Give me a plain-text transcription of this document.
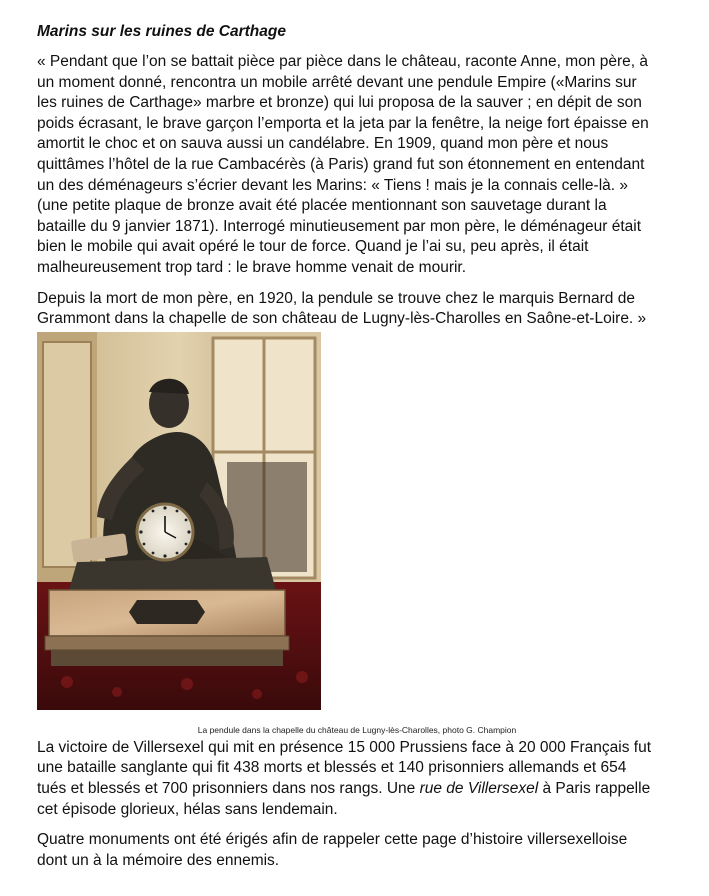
Marins sur les ruines de Carthage

« Pendant que l’on se battait pièce par pièce dans le château, raconte Anne, mon père, à
un moment donné, rencontra un mobile arrêté devant une pendule Empire («Marins sur
les ruines de Carthage» marbre et bronze) qui lui proposa de la sauver ; en dépit de son
poids écrasant, le brave garçon l’emporta et la jeta par la fenêtre, la neige fort épaisse en
amortit le choc et on sauva aussi un candélabre. En 1909, quand mon père et nous
quittâmes l’hôtel de la rue Cambacérès (à Paris) grand fut son étonnement en entendant
un des déménageurs s’écrier devant les Marins: « Tiens ! mais je la connais celle-là. »
(une petite plaque de bronze avait été placée mentionnant son sauvetage durant la
bataille du 9 janvier 1871). Interrogé minutieusement par mon père, le déménageur était
bien le mobile qui avait opéré le tour de force. Quand je l’ai su, peu après, il était
malheureusement trop tard : le brave homme venait de mourir.

Depuis la mort de mon père, en 1920, la pendule se trouve chez le marquis Bernard de
Grammont dans la chapelle de son château de Lugny-lès-Charolles en Saône-et-Loire. »

La pendule dans la chapelle du château de Lugny-lès-Charolles, photo G. Champion

La victoire de Villersexel qui mit en présence 15 000 Prussiens face à 20 000 Français fut
une bataille sanglante qui fit 438 morts et blessés et 140 prisonniers allemands et 654
tués et blessés et 700 prisonniers dans nos rangs. Une rue de Villersexel à Paris rappelle
cet épisode glorieux, hélas sans lendemain.

Quatre monuments ont été érigés afin de rappeler cette page d’histoire villersexelloise
dont un à la mémoire des ennemis.
